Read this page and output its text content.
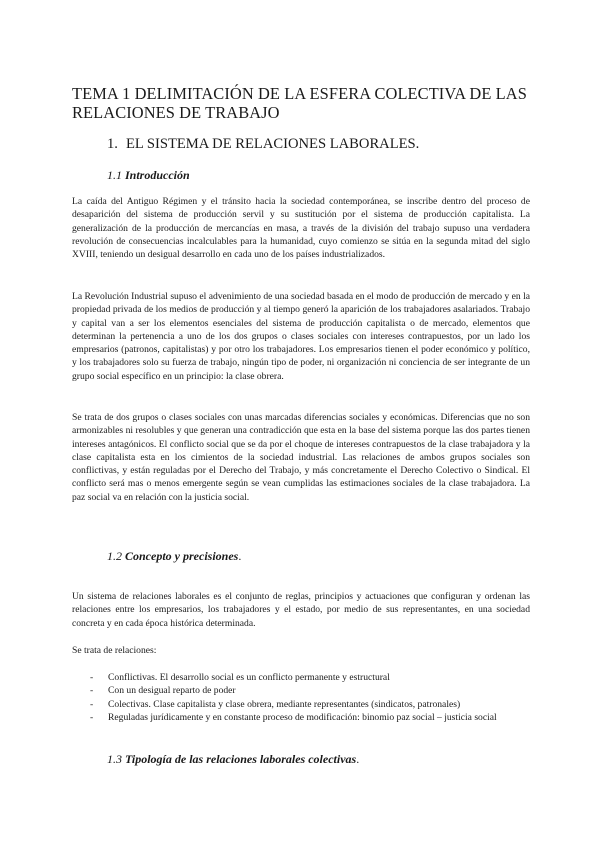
TEMA 1 DELIMITACIÓN DE LA ESFERA COLECTIVA DE LAS RELACIONES DE TRABAJO
1. EL SISTEMA DE RELACIONES LABORALES.
1.1 Introducción

La caída del Antiguo Régimen y el tránsito hacia la sociedad contemporánea, se inscribe dentro del proceso de desaparición del sistema de producción servil y su sustitución por el sistema de producción capitalista. La generalización de la producción de mercancías en masa, a través de la división del trabajo supuso una verdadera revolución de consecuencias incalculables para la humanidad, cuyo comienzo se sitúa en la segunda mitad del siglo XVIII, teniendo un desigual desarrollo en cada uno de los países industrializados.

La Revolución Industrial supuso el advenimiento de una sociedad basada en el modo de producción de mercado y en la propiedad privada de los medios de producción y al tiempo generó la aparición de los trabajadores asalariados. Trabajo y capital van a ser los elementos esenciales del sistema de producción capitalista o de mercado, elementos que determinan la pertenencia a uno de los dos grupos o clases sociales con intereses contrapuestos, por un lado los empresarios (patronos, capitalistas) y por otro los trabajadores. Los empresarios tienen el poder económico y político, y los trabajadores solo su fuerza de trabajo, ningún tipo de poder, ni organización ni conciencia de ser integrante de un grupo social específico en un principio: la clase obrera.

Se trata de dos grupos o clases sociales con unas marcadas diferencias sociales y económicas. Diferencias que no son armonizables ni resolubles y que generan una contradicción que esta en la base del sistema porque las dos partes tienen intereses antagónicos. El conflicto social que se da por el choque de intereses contrapuestos de la clase trabajadora y la clase capitalista esta en los cimientos de la sociedad industrial. Las relaciones de ambos grupos sociales son conflictivas, y están reguladas por el Derecho del Trabajo, y más concretamente el Derecho Colectivo o Sindical. El conflicto será mas o menos emergente según se vean cumplidas las estimaciones sociales de la clase trabajadora. La paz social va en relación con la justicia social.

1.2 Concepto y precisiones.

Un sistema de relaciones laborales es el conjunto de reglas, principios y actuaciones que configuran y ordenan las relaciones entre los empresarios, los trabajadores y el estado, por medio de sus representantes, en una sociedad concreta y en cada época histórica determinada.

Se trata de relaciones:

- Conflictivas. El desarrollo social es un conflicto permanente y estructural
- Con un desigual reparto de poder
- Colectivas. Clase capitalista y clase obrera, mediante representantes (sindicatos, patronales)
- Reguladas jurídicamente y en constante proceso de modificación: binomio paz social – justicia social
1.3 Tipología de las relaciones laborales colectivas.
